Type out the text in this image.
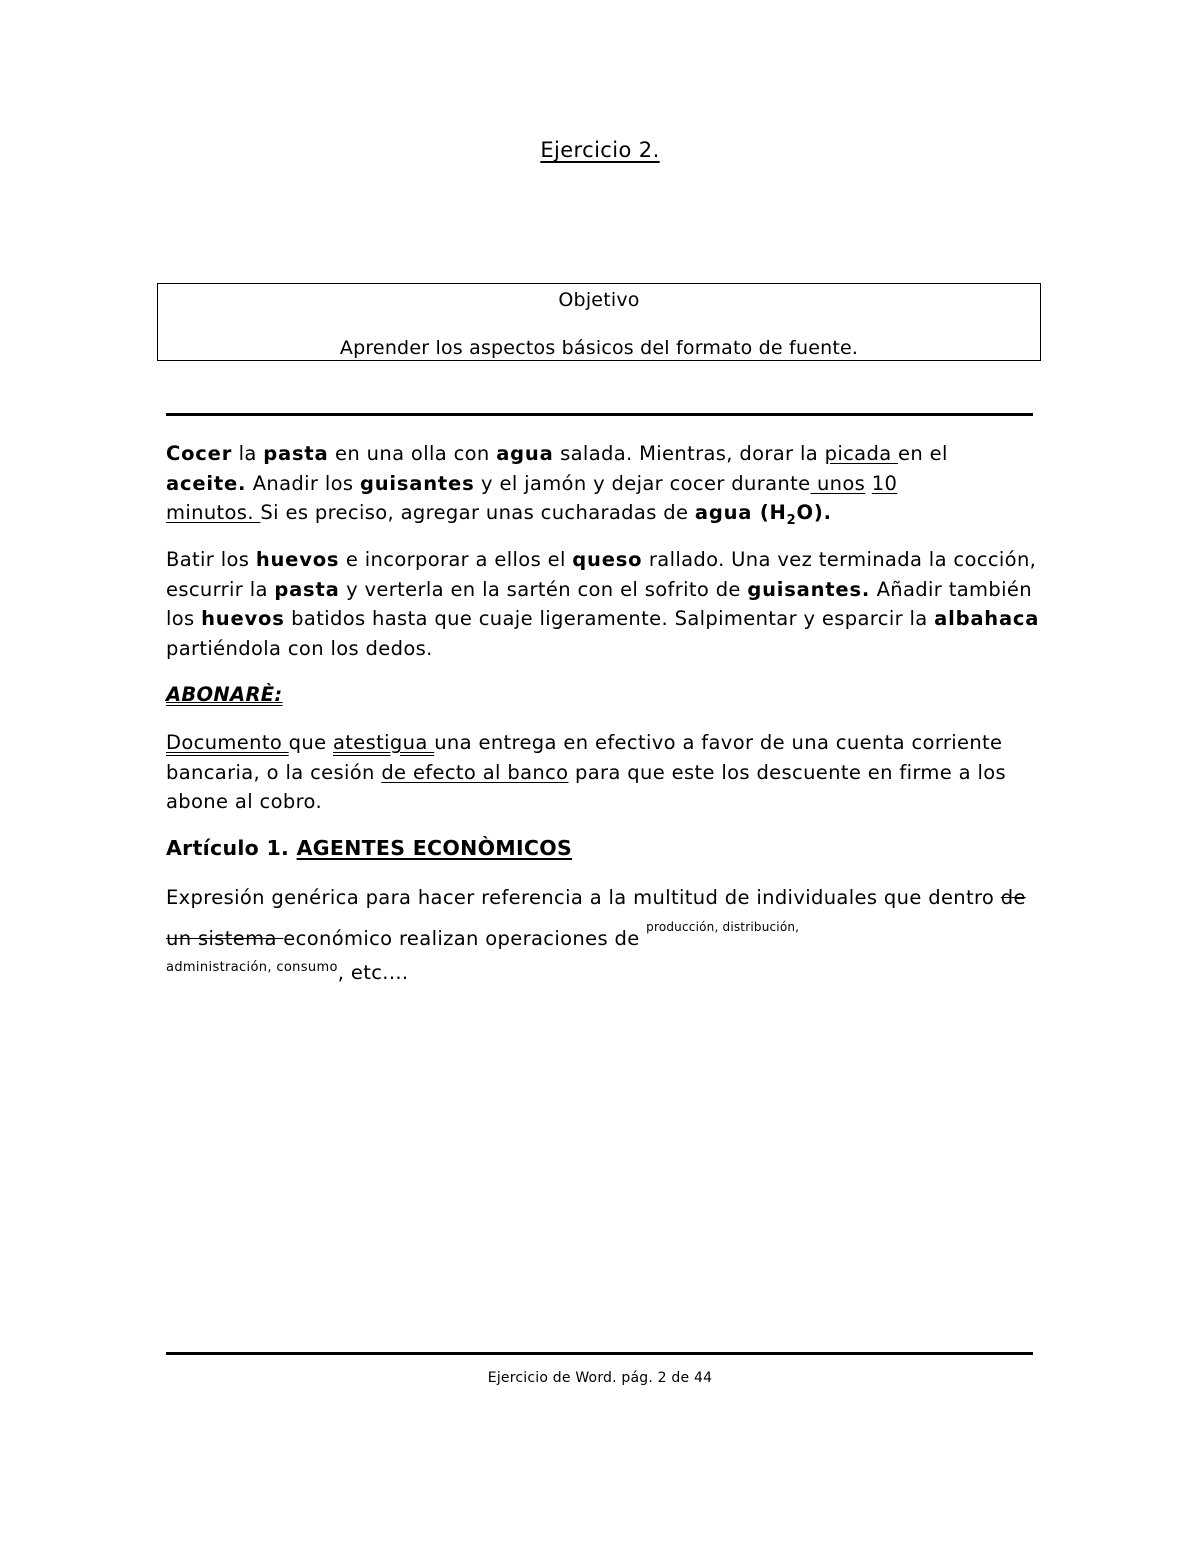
Ejercicio 2.
Objetivo
Aprender los aspectos básicos del formato de fuente.
Cocer la pasta en una olla con agua salada. Mientras, dorar la picada en el
aceite. Anadir los guisantes y el jamón y dejar cocer durante unos 10
minutos. Si es preciso, agregar unas cucharadas de agua $(H_2O)$.
Batir los huevos e incorporar a ellos el queso rallado. Una vez terminada la cocción, escurrir la pasta y verterla en la sartén con el sofrito de guisantes. Añadir también los huevos batidos hasta que cuaje ligeramente. Salpimentar y esparcir la albahaca partiéndola con los dedos.
ABONARÈ:
Documento que atestigua una entrega en efectivo a favor de una cuenta corriente bancaria, o la cesión de efecto al banco para que este los descuente en firme a los abone al cobro.
Artículo 1. AGENTES ECONÒMICOS
Expresión genérica para hacer referencia a la multitud de individuales que dentro de un sistema económico realizan operaciones de $^{producción, distribución,}$
administración, consumo, etc....
Ejercicio de Word. pág. 2 de 44
